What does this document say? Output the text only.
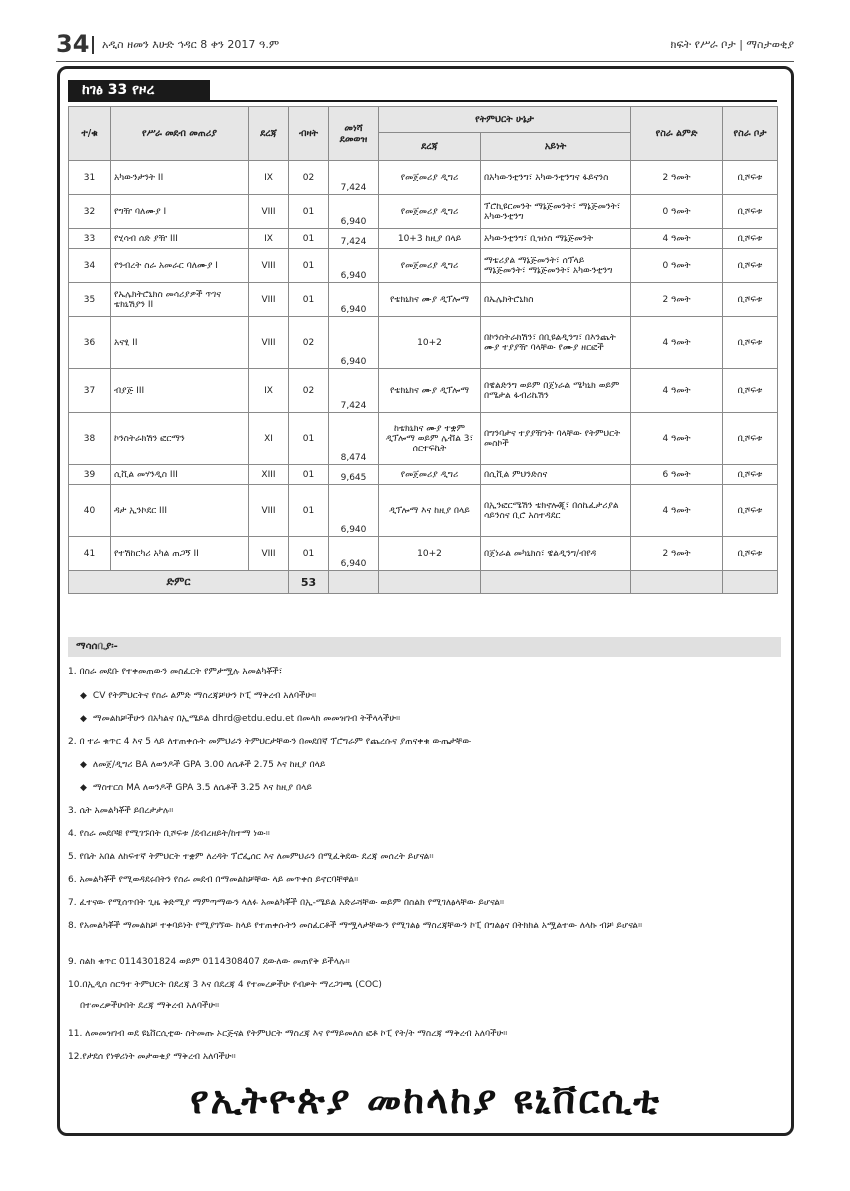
34 አዲስ ዘመን እሁድ ኅዳር 8 ቀን 2017 ዓ.ም	ክፍት የሥራ ቦታ | ማስታወቂያ
ከገፅ 33 የዞረ
ተ/ቁ	የሥራ መደብ መጠሪያ	ደረጃ	ብዛት	መነሻ ደመወዝ	የትምህርት ሁኔታ		የስራ ልምድ	የስራ ቦታ
					ደረጃ	አይነት		
31	አካውንታንት II	IX	02	7,424	የመጀመሪያ ዲግሪ	በአካውንቲንግ፣ አካውንቲንግና ፋይናንስ	2 ዓመት	ቢሾፍቱ
32	የግዥ ባለሙያ I	VIII	01	6,940	የመጀመሪያ ዲግሪ	ፕሮኪዩርመንት ማኔጅመንት፣ ማኔጅመንት፣ አካውንቲንግ	0 ዓመት	ቢሾፍቱ
33	የሂሳብ ሰድ ያዥ III	IX	01	7,424	10+3 ከዚያ በላይ	አካውንቲንግ፣ ቢዝነስ ማኔጅመንት	4 ዓመት	ቢሾፍቱ
34	የንብረት ስራ አመራር ባለሙያ I	VIII	01	6,940	የመጀመሪያ ዲግሪ	ማቴሪያል ማኔጅመንት፣ ሰፕላይ ማኔጅመንት፣ ማኔጅመንት፣ አካውንቲንግ	0 ዓመት	ቢሾፍቱ
35	የኤሌክትሮኒክስ መሳሪያዎች ጥገና ቴክኒሽያን II	VIII	01	6,940	የቴክኒክና ሙያ ዲፕሎማ	በኤሌክትሮኒክስ	2 ዓመት	ቢሾፍቱ
36	አናፂ II	VIII	02	6,940	10+2	በኮንስትራክሽን፣ በቢዩልዲንግ፣ በእንጨት ሙያ ተያያዥ ባላቸው የሙያ ዘርፎች	4 ዓመት	ቢሾፍቱ
37	ብያጅ III	IX	02	7,424	የቴክኒክና ሙያ ዲፕሎማ	በዌልድንግ ወይም በጀነራል ሜካኒክ ወይም በሜታል ፋብሪኬሽን	4 ዓመት	ቢሾፍቱ
38	ኮንስትራክሽን ፎርማን	XI	01	8,474	ከቴክኒክና ሙያ ተቋም ዲፕሎማ ወይም ሌቭል 3፣ ሰርተፍኬት	በግንባታና ተያያዥነት ባላቸው የትምህርት መስኮች	4 ዓመት	ቢሾፍቱ
39	ሲቪል መሃንዲስ III	XIII	01	9,645	የመጀመሪያ ዲግሪ	በሲቪል ምህንድስና	6 ዓመት	ቢሾፍቱ
40	ዳታ ኢንኮደር III	VIII	01	6,940	ዲፕሎማ እና ከዚያ በላይ	በኢንፎርሜሽን ቴክኖሎጂ፣ በሰኬፈታሪያል ሳይንስና ቢሮ አስተዳደር	4 ዓመት	ቢሾፍቱ
41	የተሽከርካሪ አካል ጠጋኝ II	VIII	01	6,940	10+2	በጀነራል መካኒክስ፣ ዌልዲንግ/ብየዳ	2 ዓመት	ቢሾፍቱ
ድምር			53					
ማሳሰቢያ፡-
1. በስራ መደቡ የተቀመጠውን መስፈርት የምታሟሉ አመልካቾች፣
◆ CV የትምህርትና የስራ ልምድ ማስረጃቻሁን ኮፒ ማቅረብ አለባችሁ።
◆ ማመልከቻችሁን በአካልና በኢሜይል dhrd@etdu.edu.et በመላክ መመዝገብ ትችላላችሁ።
2. በ ተራ ቁጥር 4 እና 5 ላይ ለተጠቀሱት መምህራን ትምህርታቸውን በመደበኛ ፕሮግራም የጨረሱና ያጠናቀቁ ውጤታቸው
◆ ለመጀ/ዲግሪ BA ለወንዶች GPA 3.00 ለሴቶች 2.75 እና ከዚያ በላይ
◆ ማስተርስ MA ለወንዶች GPA 3.5 ለሴቶች 3.25 እና ከዚያ በላይ
3. ሴት አመልካቾች ይበረታታሉ።
4. የስራ መደቦቹ የሚገኙበት ቢሾፍቱ /ደብረዘይት/ከተማ ነው።
5. የቤት አበል ለከፍተኛ ትምህርት ተቋም ለረዳት ፕሮፌሰር እና ለመምህራን በሚፈቅደው ደረጃ መሰረት ይሆናል።
6. አመልካቾች የሚወዳደሩበትን የስራ መደብ በማመልከቻቸው ላይ መጥቀስ ይኖርባቸዋል።
7. ፈተናው የሚሰጥበት ጊዜ ቅድሚያ ማምጣማውን ላለፉ አመልካቾች በኢ-ሜይል አድራሻቸው ወይም በስልክ የሚገለፅላቸው ይሆናል።
8. የአመልካቾች ማመልከቻ ተቀባይነት የሚያገኘው ከላይ የተጠቀሱትን መስፈርቶች ማሟላታቸውን የሚገልፅ ማስረጃቸውን ኮፒ በግልፅና በትክክል አሟልተው ለላኩ ብቻ ይሆናል።
9. ስልክ ቁጥር 0114301824 ወይም 0114308407 ደውለው መጠየቅ ይችላሉ።
10.በኢዲስ ስርዓተ ትምህርት በደረጃ 3 እና በደረጃ 4 የተመረቃችሁ የብቃት ማረጋገጫ (COC)
በተመረቃችሁበት ደረጃ ማቅረብ አለባችሁ።
11. ለመመዝገብ ወደ ዩኒቨርሲቲው ስትመጡ ኦርጅናል የትምህርት ማስረጃ እና የማይመለስ ፎቶ ኮፒ የት/ት ማስረጃ ማቅረብ አለባችሁ።
12.የታደሰ የነዋሪነት መታወቂያ ማቅረብ አለባችሁ።
የኢትዮጵያ መከላከያ ዩኒቨርሲቲ
